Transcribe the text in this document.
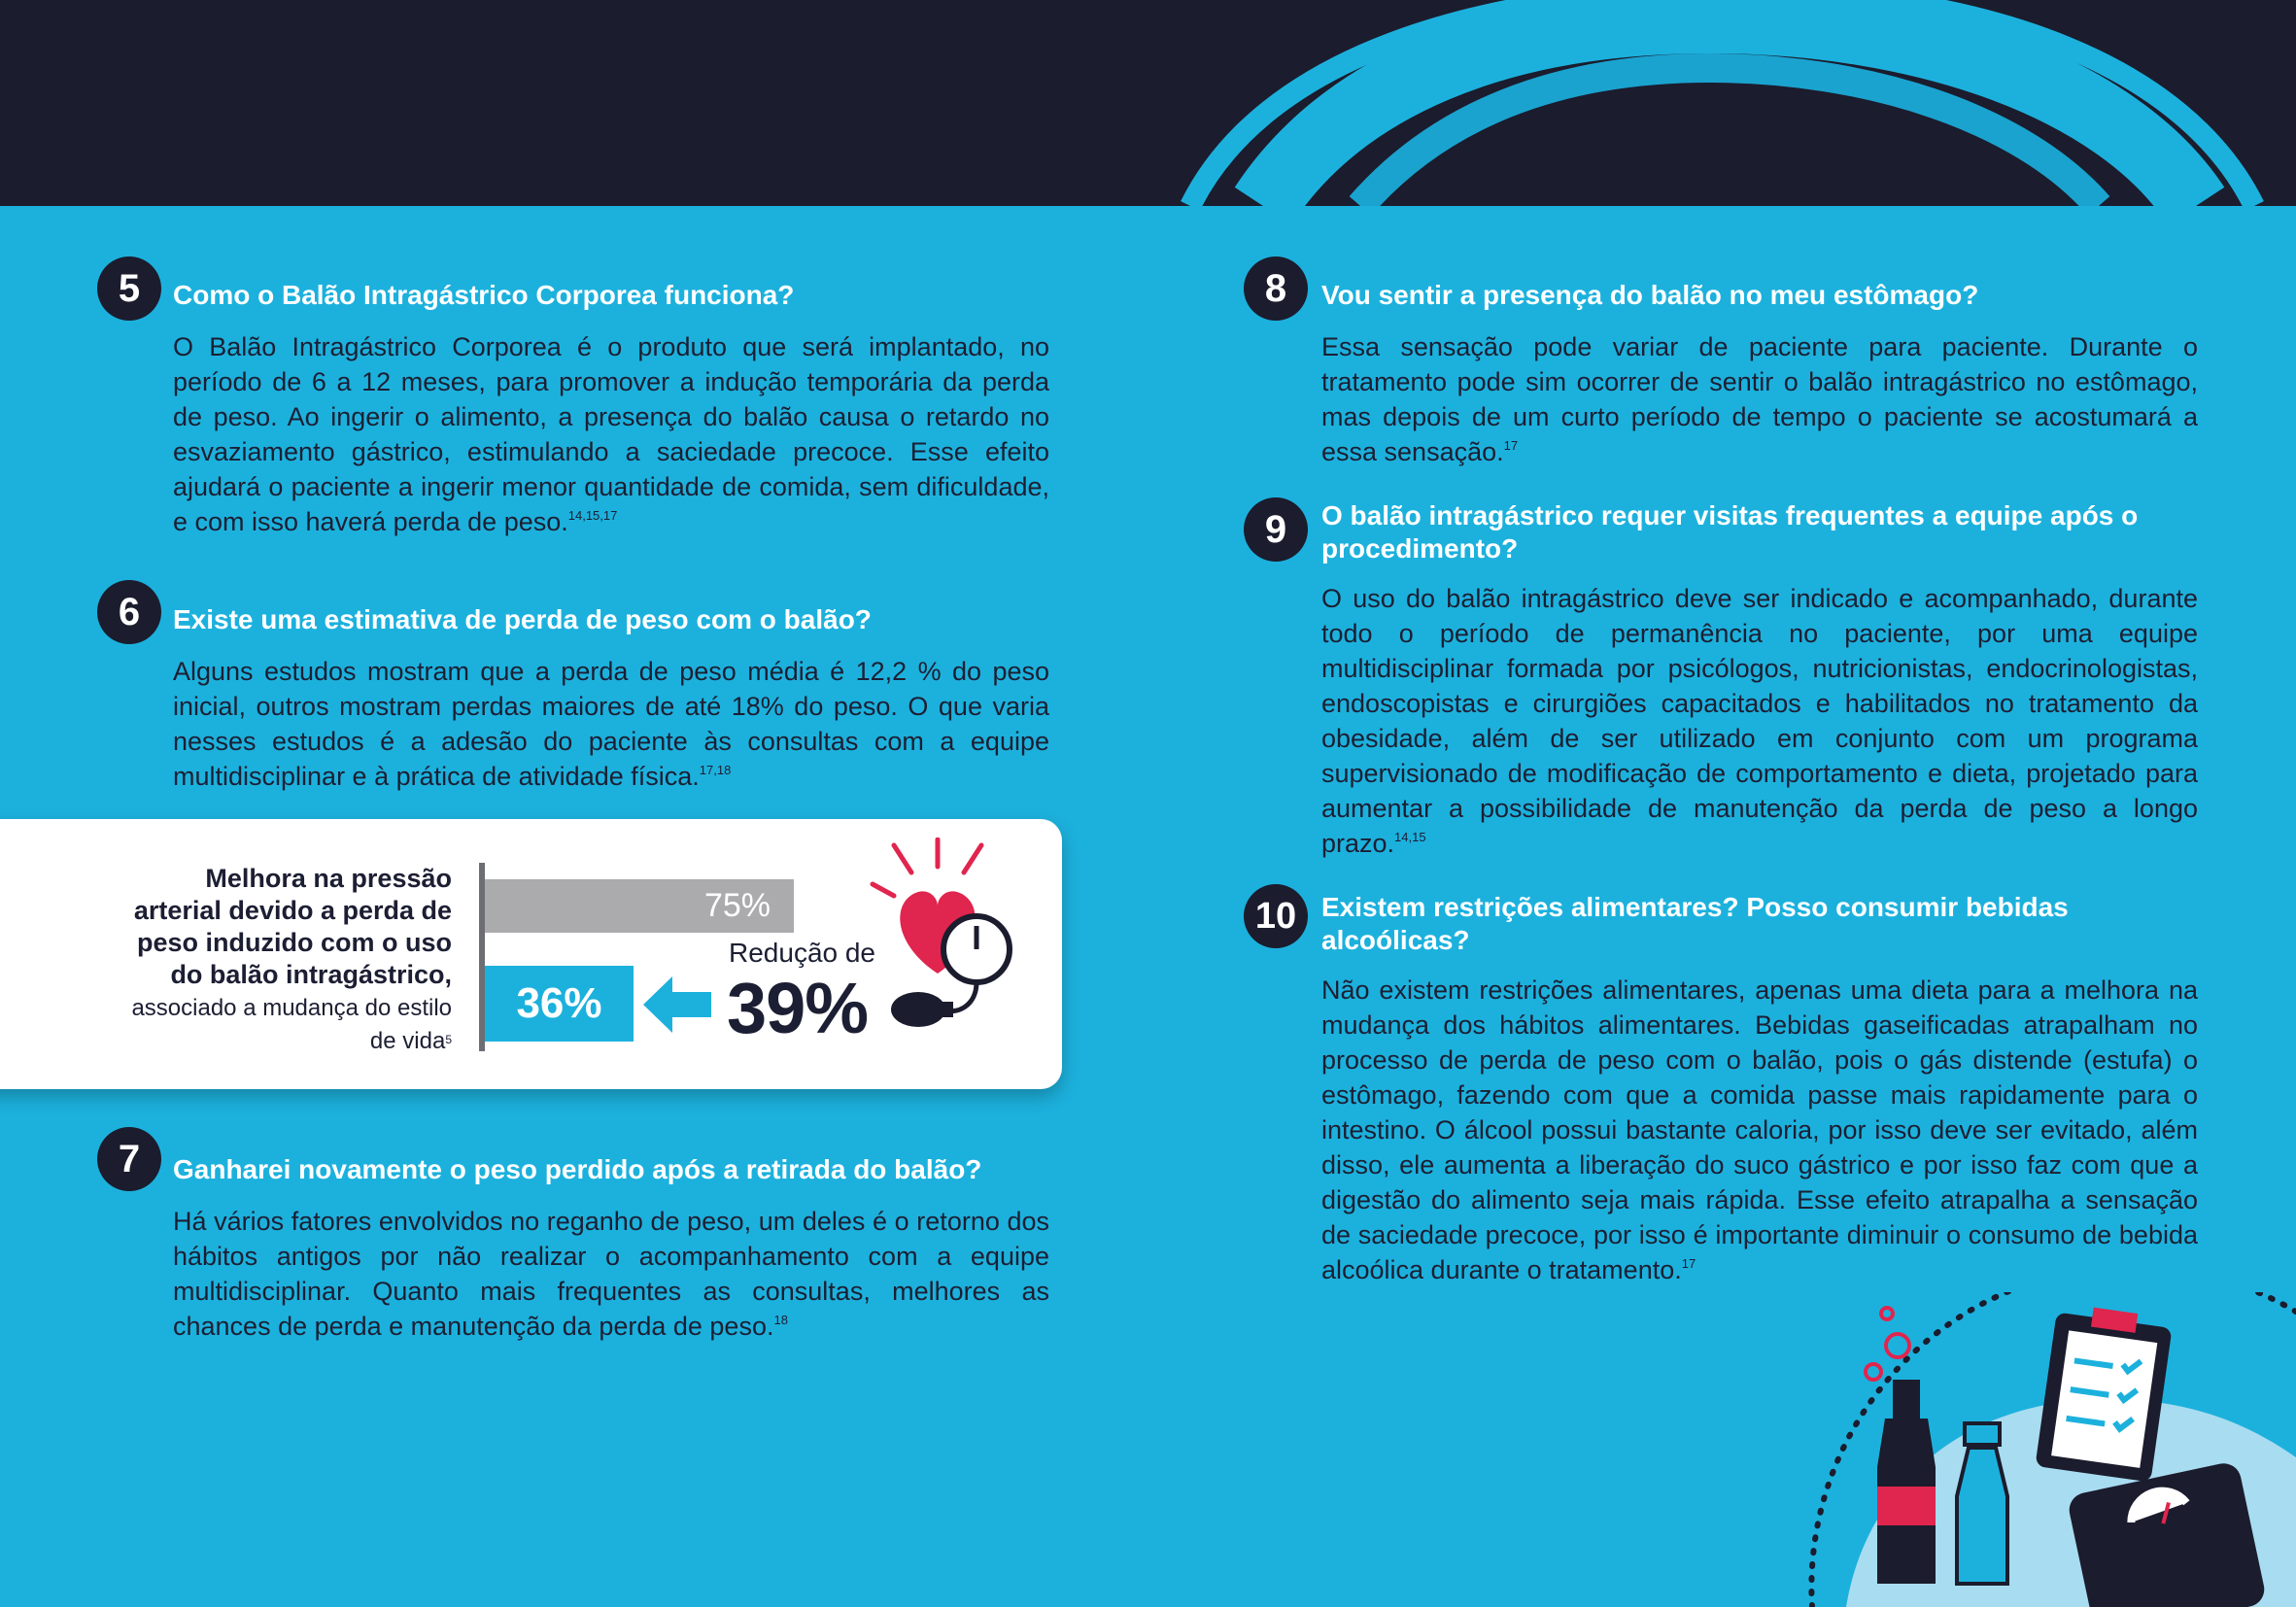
5	Como o Balão Intragástrico Corporea funciona?
O Balão Intragástrico Corporea é o produto que será implantado, no período de 6 a 12 meses, para promover a indução temporária da perda de peso. Ao ingerir o alimento, a presença do balão causa o retardo no esvaziamento gástrico, estimulando a saciedade precoce. Esse efeito ajudará o paciente a ingerir menor quantidade de comida, sem dificuldade, e com isso haverá perda de peso.$^{14,15,17}$
6	Existe uma estimativa de perda de peso com o balão?
Alguns estudos mostram que a perda de peso média é 12,2 % do peso inicial, outros mostram perdas maiores de até 18% do peso. O que varia nesses estudos é a adesão do paciente às consultas com a equipe multidisciplinar e à prática de atividade física.$^{17,18}$
Melhora na pressão arterial devido a perda de peso induzido com o uso do balão intragástrico, associado a mudança do estilo de vida$^5$
75%
36%
Redução de
39%
7	Ganharei novamente o peso perdido após a retirada do balão?
Há vários fatores envolvidos no reganho de peso, um deles é o retorno dos hábitos antigos por não realizar o acompanhamento com a equipe multidisciplinar. Quanto mais frequentes as consultas, melhores as chances de perda e manutenção da perda de peso.$^{18}$
8	Vou sentir a presença do balão no meu estômago?
Essa sensação pode variar de paciente para paciente. Durante o tratamento pode sim ocorrer de sentir o balão intragástrico no estômago, mas depois de um curto período de tempo o paciente se acostumará a essa sensação.$^{17}$
9	O balão intragástrico requer visitas frequentes a equipe após o procedimento?
O uso do balão intragástrico deve ser indicado e acompanhado, durante todo o período de permanência no paciente, por uma equipe multidisciplinar formada por psicólogos, nutricionistas, endocrinologistas, endoscopistas e cirurgiões capacitados e habilitados no tratamento da obesidade, além de ser utilizado em conjunto com um programa supervisionado de modificação de comportamento e dieta, projetado para aumentar a possibilidade de manutenção da perda de peso a longo prazo.$^{14,15}$
10 Existem restrições alimentares? Posso consumir bebidas alcoólicas?
Não existem restrições alimentares, apenas uma dieta para a melhora na mudança dos hábitos alimentares. Bebidas gaseificadas atrapalham no processo de perda de peso com o balão, pois o gás distende (estufa) o estômago, fazendo com que a comida passe mais rapidamente para o intestino. O álcool possui bastante caloria, por isso deve ser evitado, além disso, ele aumenta a liberação do suco gástrico e por isso faz com que a digestão do alimento seja mais rápida. Esse efeito atrapalha a sensação de saciedade precoce, por isso é importante diminuir o consumo de bebida alcoólica durante o tratamento.$^{17}$
